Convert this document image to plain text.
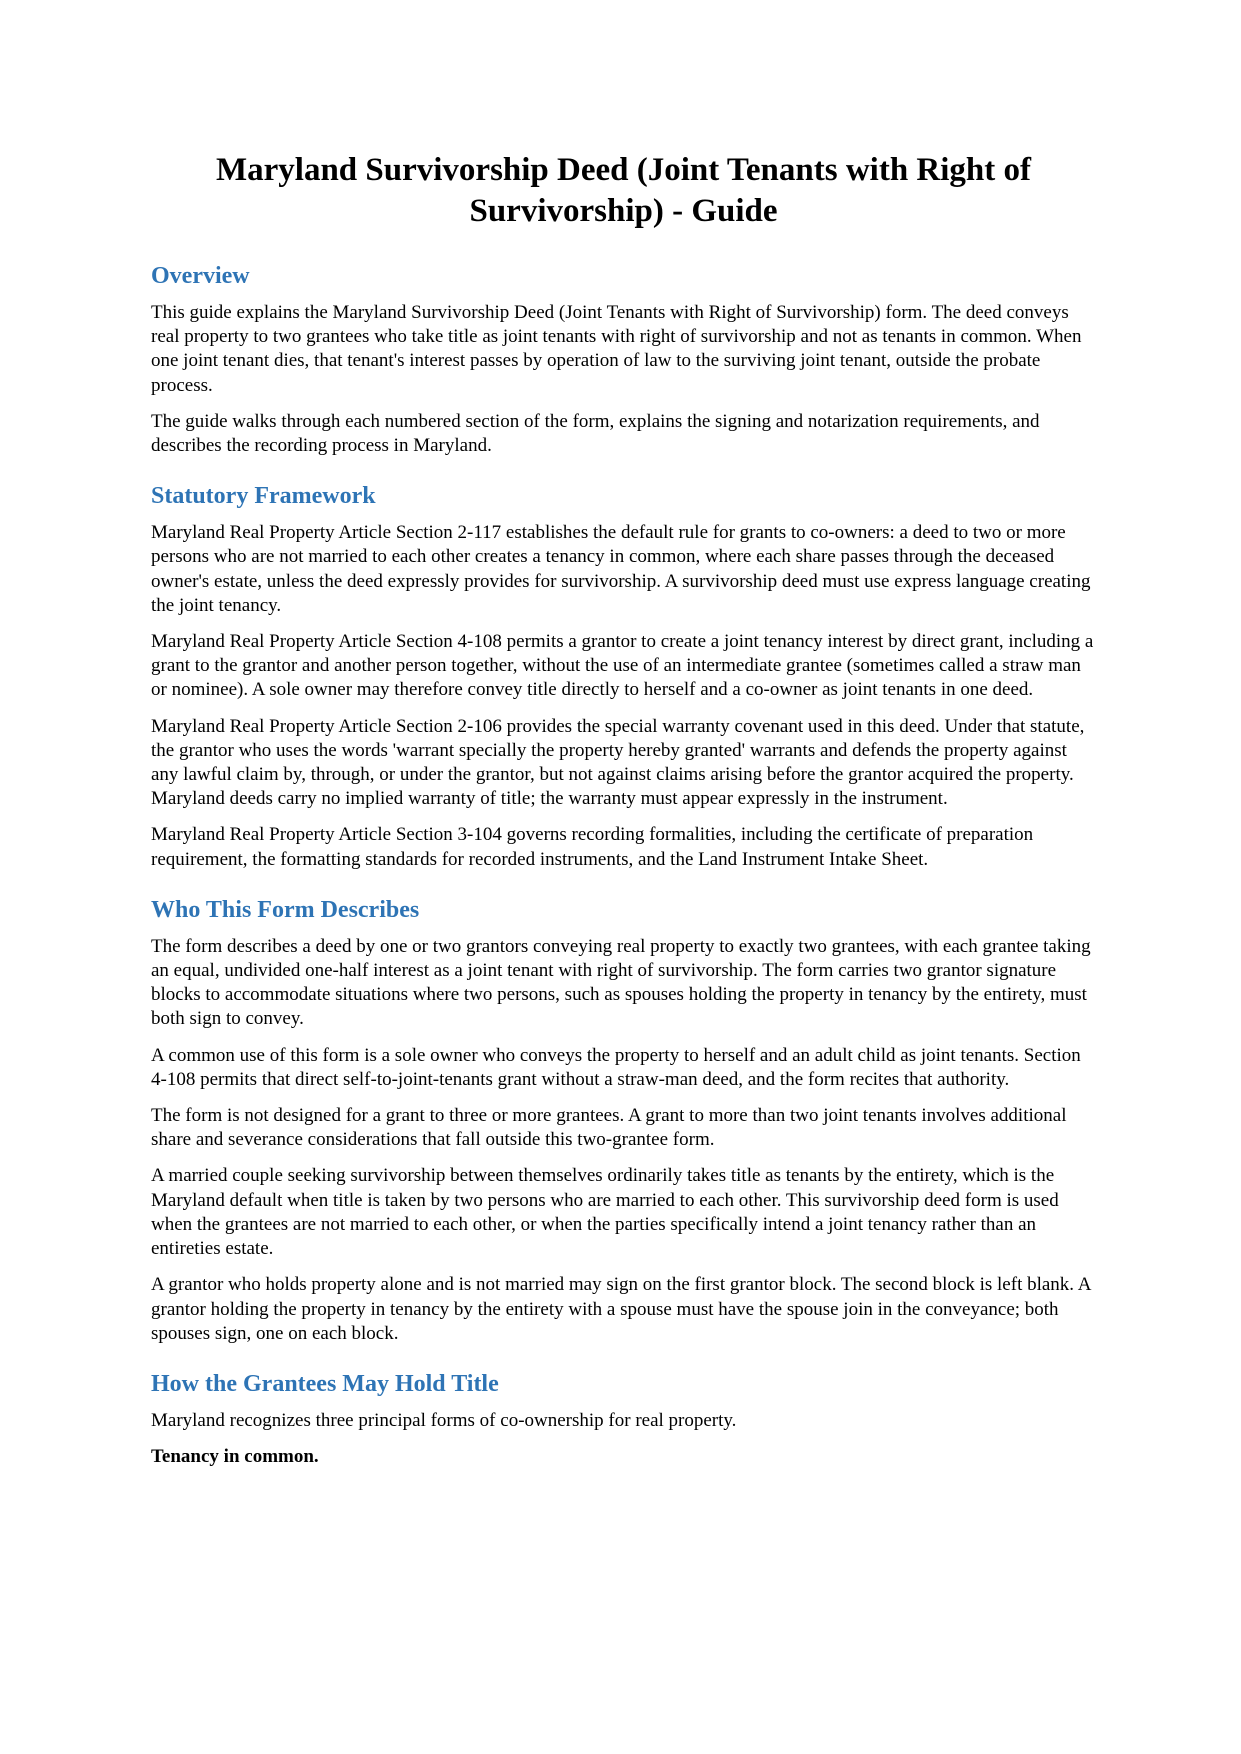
Maryland Survivorship Deed (Joint Tenants with Right of Survivorship) - Guide
Overview

This guide explains the Maryland Survivorship Deed (Joint Tenants with Right of Survivorship) form. The deed conveys real property to two grantees who take title as joint tenants with right of survivorship and not as tenants in common. When one joint tenant dies, that tenant's interest passes by operation of law to the surviving joint tenant, outside the probate process.

The guide walks through each numbered section of the form, explains the signing and notarization requirements, and describes the recording process in Maryland.

Statutory Framework

Maryland Real Property Article Section 2-117 establishes the default rule for grants to co-owners: a deed to two or more persons who are not married to each other creates a tenancy in common, where each share passes through the deceased owner's estate, unless the deed expressly provides for survivorship. A survivorship deed must use express language creating the joint tenancy.

Maryland Real Property Article Section 4-108 permits a grantor to create a joint tenancy interest by direct grant, including a grant to the grantor and another person together, without the use of an intermediate grantee (sometimes called a straw man or nominee). A sole owner may therefore convey title directly to herself and a co-owner as joint tenants in one deed.

Maryland Real Property Article Section 2-106 provides the special warranty covenant used in this deed. Under that statute, the grantor who uses the words 'warrant specially the property hereby granted' warrants and defends the property against any lawful claim by, through, or under the grantor, but not against claims arising before the grantor acquired the property. Maryland deeds carry no implied warranty of title; the warranty must appear expressly in the instrument.

Maryland Real Property Article Section 3-104 governs recording formalities, including the certificate of preparation requirement, the formatting standards for recorded instruments, and the Land Instrument Intake Sheet.

Who This Form Describes

The form describes a deed by one or two grantors conveying real property to exactly two grantees, with each grantee taking an equal, undivided one-half interest as a joint tenant with right of survivorship. The form carries two grantor signature blocks to accommodate situations where two persons, such as spouses holding the property in tenancy by the entirety, must both sign to convey.

A common use of this form is a sole owner who conveys the property to herself and an adult child as joint tenants. Section 4-108 permits that direct self-to-joint-tenants grant without a straw-man deed, and the form recites that authority.

The form is not designed for a grant to three or more grantees. A grant to more than two joint tenants involves additional share and severance considerations that fall outside this two-grantee form.

A married couple seeking survivorship between themselves ordinarily takes title as tenants by the entirety, which is the Maryland default when title is taken by two persons who are married to each other. This survivorship deed form is used when the grantees are not married to each other, or when the parties specifically intend a joint tenancy rather than an entireties estate.

A grantor who holds property alone and is not married may sign on the first grantor block. The second block is left blank. A grantor holding the property in tenancy by the entirety with a spouse must have the spouse join in the conveyance; both spouses sign, one on each block.

How the Grantees May Hold Title

Maryland recognizes three principal forms of co-ownership for real property.

Tenancy in common.
